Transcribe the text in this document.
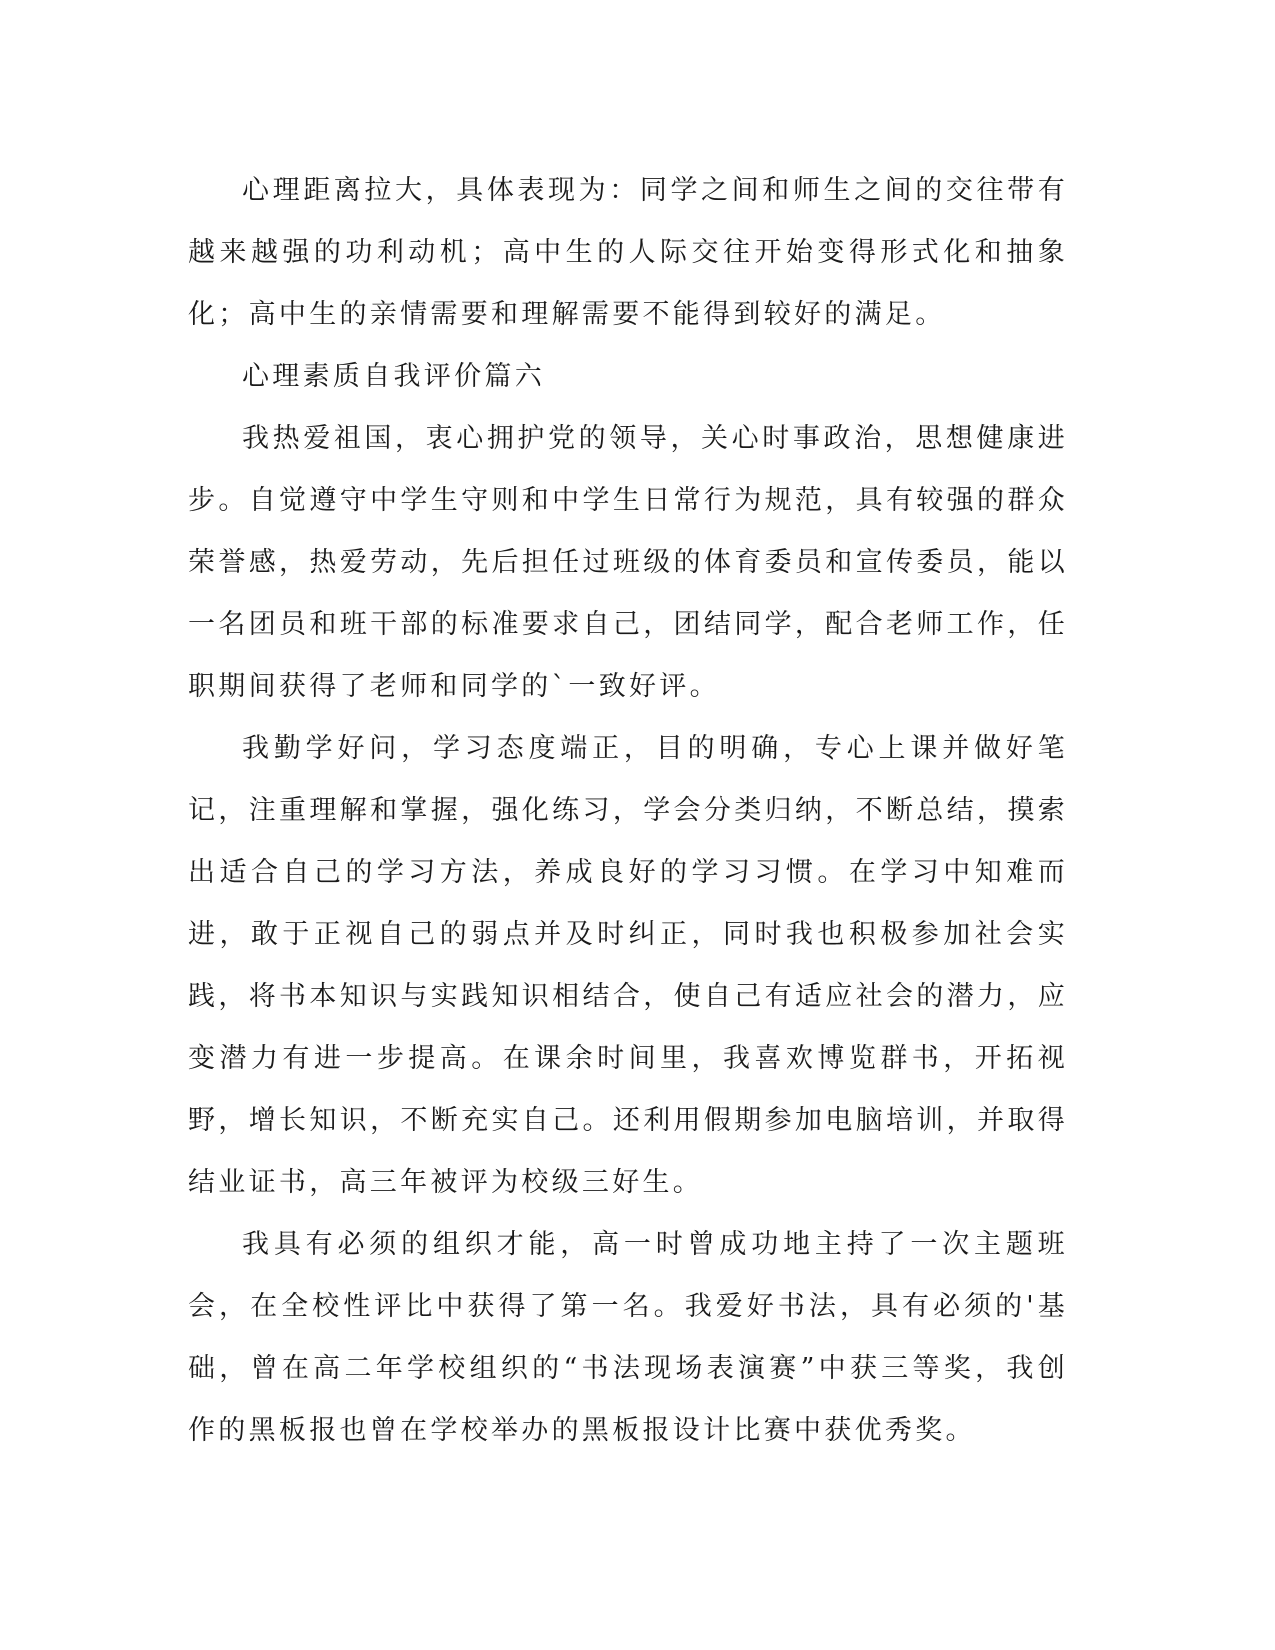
心理距离拉大，具体表现为：同学之间和师生之间的交往带有越来越强的功利动机；高中生的人际交往开始变得形式化和抽象化；高中生的亲情需要和理解需要不能得到较好的满足。

心理素质自我评价篇六

我热爱祖国，衷心拥护党的领导，关心时事政治，思想健康进步。自觉遵守中学生守则和中学生日常行为规范，具有较强的群众荣誉感，热爱劳动，先后担任过班级的体育委员和宣传委员，能以一名团员和班干部的标准要求自己，团结同学，配合老师工作，任职期间获得了老师和同学的`一致好评。

我勤学好问，学习态度端正，目的明确，专心上课并做好笔记，注重理解和掌握，强化练习，学会分类归纳，不断总结，摸索出适合自己的学习方法，养成良好的学习习惯。在学习中知难而进，敢于正视自己的弱点并及时纠正，同时我也积极参加社会实践，将书本知识与实践知识相结合，使自己有适应社会的潜力，应变潜力有进一步提高。在课余时间里，我喜欢博览群书，开拓视野，增长知识，不断充实自己。还利用假期参加电脑培训，并取得结业证书，高三年被评为校级三好生。

我具有必须的组织才能，高一时曾成功地主持了一次主题班会，在全校性评比中获得了第一名。我爱好书法，具有必须的'基础，曾在高二年学校组织的“书法现场表演赛”中获三等奖，我创作的黑板报也曾在学校举办的黑板报设计比赛中获优秀奖。
